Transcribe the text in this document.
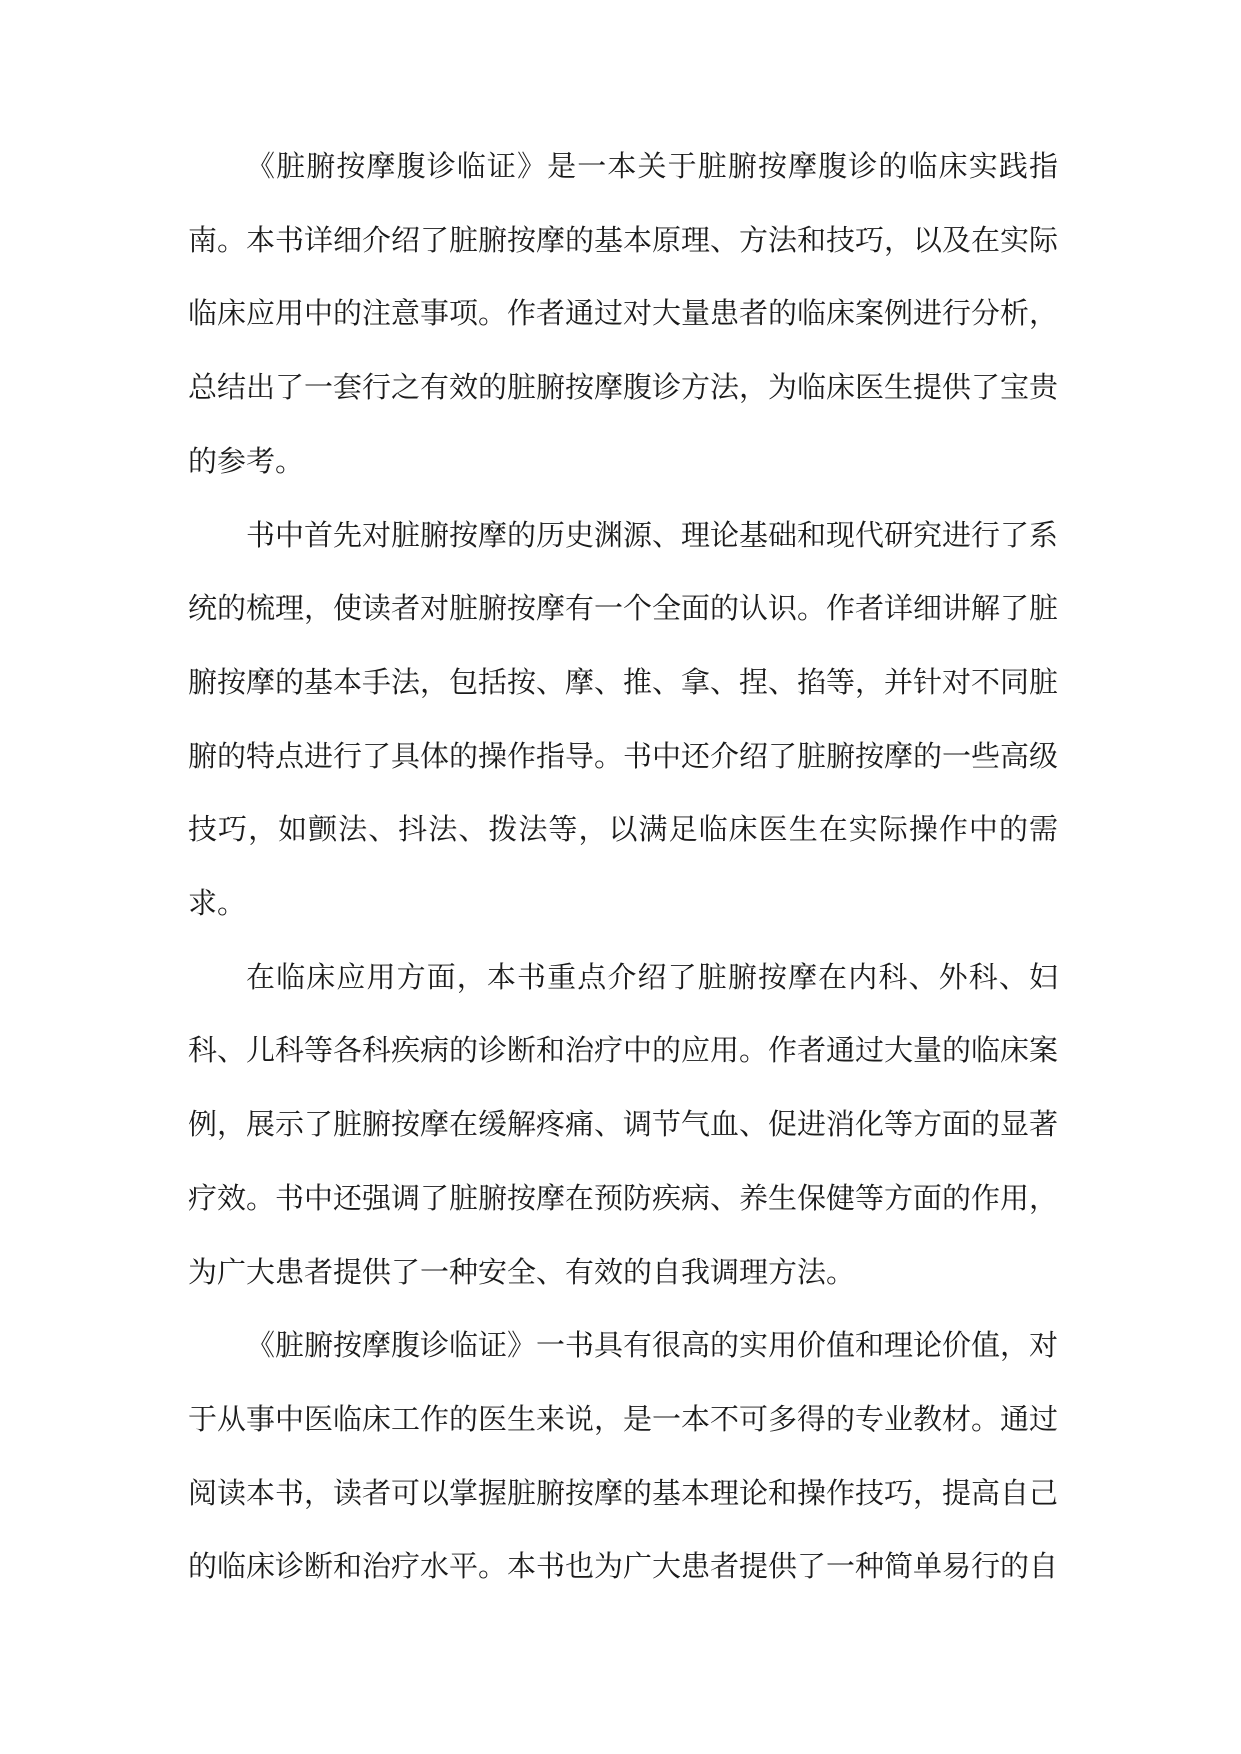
《脏腑按摩腹诊临证》是一本关于脏腑按摩腹诊的临床实践指南。本书详细介绍了脏腑按摩的基本原理、方法和技巧，以及在实际临床应用中的注意事项。作者通过对大量患者的临床案例进行分析，总结出了一套行之有效的脏腑按摩腹诊方法，为临床医生提供了宝贵的参考。

书中首先对脏腑按摩的历史渊源、理论基础和现代研究进行了系统的梳理，使读者对脏腑按摩有一个全面的认识。作者详细讲解了脏腑按摩的基本手法，包括按、摩、推、拿、捏、掐等，并针对不同脏腑的特点进行了具体的操作指导。书中还介绍了脏腑按摩的一些高级技巧，如颤法、抖法、拨法等，以满足临床医生在实际操作中的需求。

在临床应用方面，本书重点介绍了脏腑按摩在内科、外科、妇科、儿科等各科疾病的诊断和治疗中的应用。作者通过大量的临床案例，展示了脏腑按摩在缓解疼痛、调节气血、促进消化等方面的显著疗效。书中还强调了脏腑按摩在预防疾病、养生保健等方面的作用，为广大患者提供了一种安全、有效的自我调理方法。

《脏腑按摩腹诊临证》一书具有很高的实用价值和理论价值，对于从事中医临床工作的医生来说，是一本不可多得的专业教材。通过阅读本书，读者可以掌握脏腑按摩的基本理论和操作技巧，提高自己的临床诊断和治疗水平。本书也为广大患者提供了一种简单易行的自
